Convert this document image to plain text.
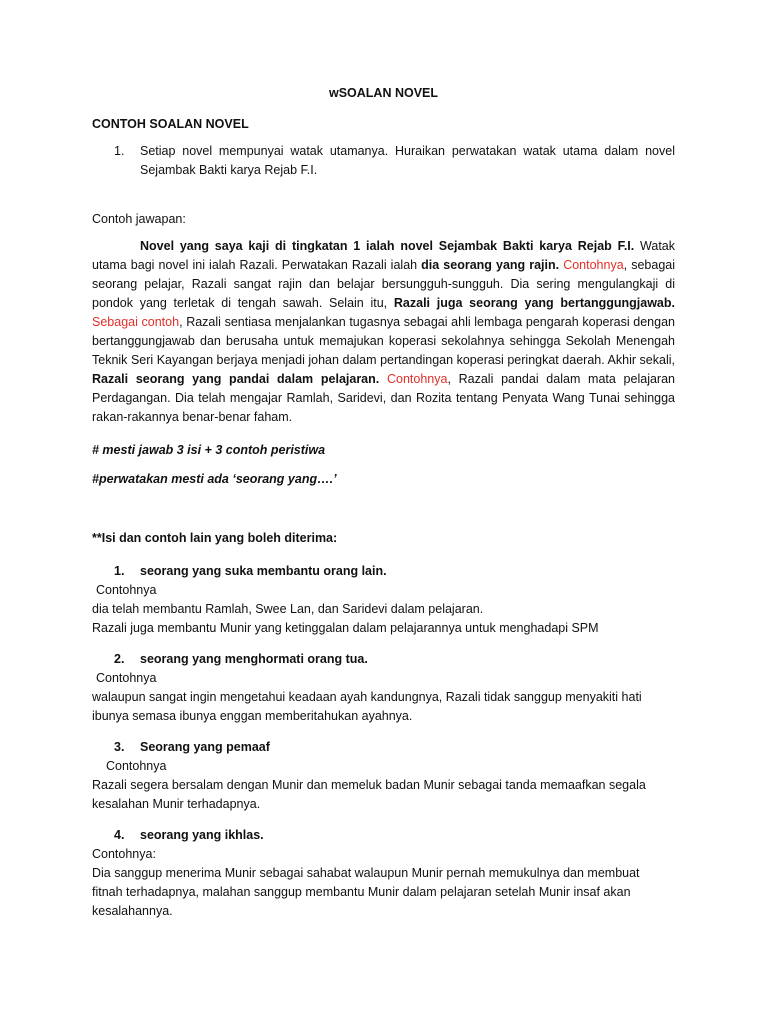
wSOALAN NOVEL

CONTOH SOALAN NOVEL

1.	Setiap novel mempunyai watak utamanya. Huraikan perwatakan watak utama dalam novel Sejambak Bakti karya Rejab F.I.

Contoh jawapan:

Novel yang saya kaji di tingkatan 1 ialah novel Sejambak Bakti karya Rejab F.I. Watak utama bagi novel ini ialah Razali. Perwatakan Razali ialah dia seorang yang rajin. Contohnya, sebagai seorang pelajar, Razali sangat rajin dan belajar bersungguh-sungguh. Dia sering mengulangkaji di pondok yang terletak di tengah sawah. Selain itu, Razali juga seorang yang bertanggungjawab. Sebagai contoh, Razali sentiasa menjalankan tugasnya sebagai ahli lembaga pengarah koperasi dengan bertanggungjawab dan berusaha untuk memajukan koperasi sekolahnya sehingga Sekolah Menengah Teknik Seri Kayangan berjaya menjadi johan dalam pertandingan koperasi peringkat daerah. Akhir sekali, Razali seorang yang pandai dalam pelajaran. Contohnya, Razali pandai dalam mata pelajaran Perdagangan. Dia telah mengajar Ramlah, Saridevi, dan Rozita tentang Penyata Wang Tunai sehingga rakan-rakannya benar-benar faham.

# mesti jawab 3 isi + 3 contoh peristiwa

#perwatakan mesti ada ‘seorang yang….’

**Isi dan contoh lain yang boleh diterima:

1.	seorang yang suka membantu orang lain.

Contohnya

dia telah membantu Ramlah, Swee Lan, dan Saridevi dalam pelajaran.

Razali juga membantu Munir yang ketinggalan dalam pelajarannya untuk menghadapi SPM

2.	seorang yang menghormati orang tua.

Contohnya

walaupun sangat ingin mengetahui keadaan ayah kandungnya, Razali tidak sanggup menyakiti hati

ibunya semasa ibunya enggan memberitahukan ayahnya.

3.	Seorang yang pemaaf

Contohnya

Razali segera bersalam dengan Munir dan memeluk badan Munir sebagai tanda memaafkan segala

kesalahan Munir terhadapnya.

4.	seorang yang ikhlas.

Contohnya:

Dia sanggup menerima Munir sebagai sahabat walaupun Munir pernah memukulnya dan membuat

fitnah terhadapnya, malahan sanggup membantu Munir dalam pelajaran setelah Munir insaf akan

kesalahannya.
